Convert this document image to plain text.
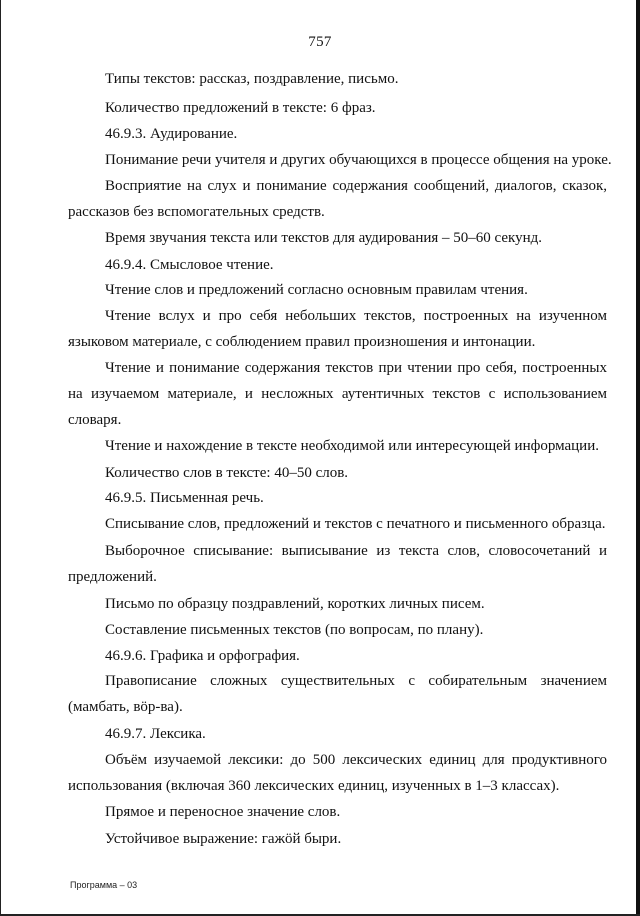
757

Типы текстов: рассказ, поздравление, письмо.

Количество предложений в тексте: 6 фраз.

46.9.3. Аудирование.

Понимание речи учителя и других обучающихся в процессе общения на уроке.

Восприятие на слух и понимание содержания сообщений, диалогов, сказок, рассказов без вспомогательных средств.

Время звучания текста или текстов для аудирования – 50–60 секунд.

46.9.4. Смысловое чтение.

Чтение слов и предложений согласно основным правилам чтения.

Чтение вслух и про себя небольших текстов, построенных на изученном языковом материале, с соблюдением правил произношения и интонации.

Чтение и понимание содержания текстов при чтении про себя, построенных на изучаемом материале, и несложных аутентичных текстов с использованием словаря.

Чтение и нахождение в тексте необходимой или интересующей информации.

Количество слов в тексте: 40–50 слов.

46.9.5. Письменная речь.

Списывание слов, предложений и текстов с печатного и письменного образца.

Выборочное списывание: выписывание из текста слов, словосочетаний и предложений.

Письмо по образцу поздравлений, коротких личных писем.

Составление письменных текстов (по вопросам, по плану).

46.9.6. Графика и орфография.

Правописание сложных существительных с собирательным значением (мамбать, вӧр-ва).

46.9.7. Лексика.

Объём изучаемой лексики: до 500 лексических единиц для продуктивного использования (включая 360 лексических единиц, изученных в 1–3 классах).

Прямое и переносное значение слов.

Устойчивое выражение: гажӧй быри.

Программа – 03
